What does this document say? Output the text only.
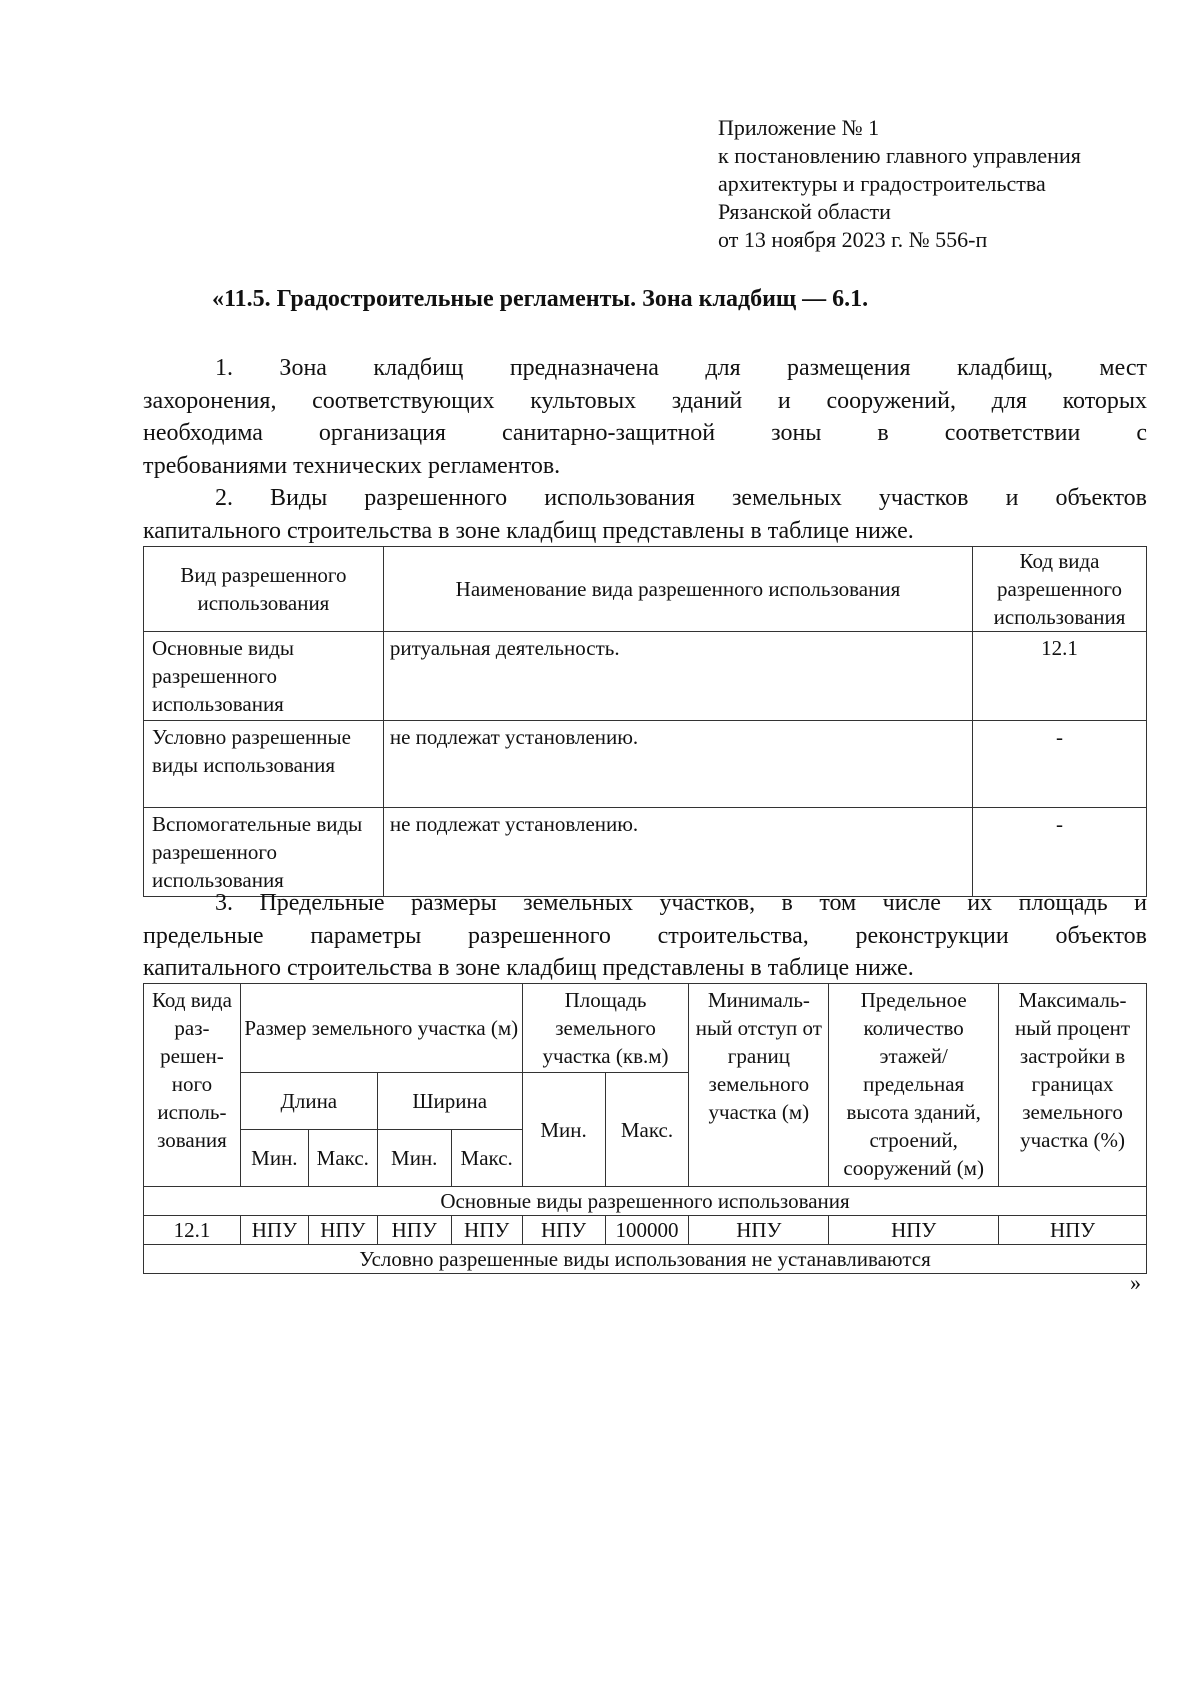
Приложение № 1
к постановлению главного управления
архитектуры и градостроительства
Рязанской области
от 13 ноября 2023 г. № 556-п
«11.5. Градостроительные регламенты. Зона кладбищ — 6.1.
1. Зона кладбищ предназначена для размещения кладбищ, мест
захоронения, соответствующих культовых зданий и сооружений, для которых
необходима организация санитарно-защитной зоны в соответствии с
требованиями технических регламентов.
2. Виды разрешенного использования земельных участков и объектов
капитального строительства в зоне кладбищ представлены в таблице ниже.
Вид разрешенного использования	Наименование вида разрешенного использования	Код вида разрешенного использования
Основные виды разрешенного использования	ритуальная деятельность.	12.1
Условно разрешенные виды использования	не подлежат установлению.	-
Вспомогательные виды разрешенного использования	не подлежат установлению.	-
3. Предельные размеры земельных участков, в том числе их площадь и
предельные параметры разрешенного строительства, реконструкции объектов
капитального строительства в зоне кладбищ представлены в таблице ниже.
Код вида раз- решен- ного исполь- зования	Размер земельного участка (м)				Площадь земельного участка (кв.м)		Минималь- ный отступ от границ земельного участка (м)	Предельное количество этажей/ предельная высота зданий, строений, сооружений (м)	Максималь- ный процент застройки в границах земельного участка (%)
	Длина		Ширина		Мин.	Макс.			
	Мин.	Макс.	Мин.	Макс.					
Основные виды разрешенного использования									
12.1	НПУ	НПУ	НПУ	НПУ	НПУ	100000	НПУ	НПУ	НПУ
Условно разрешенные виды использования не устанавливаются									
»
